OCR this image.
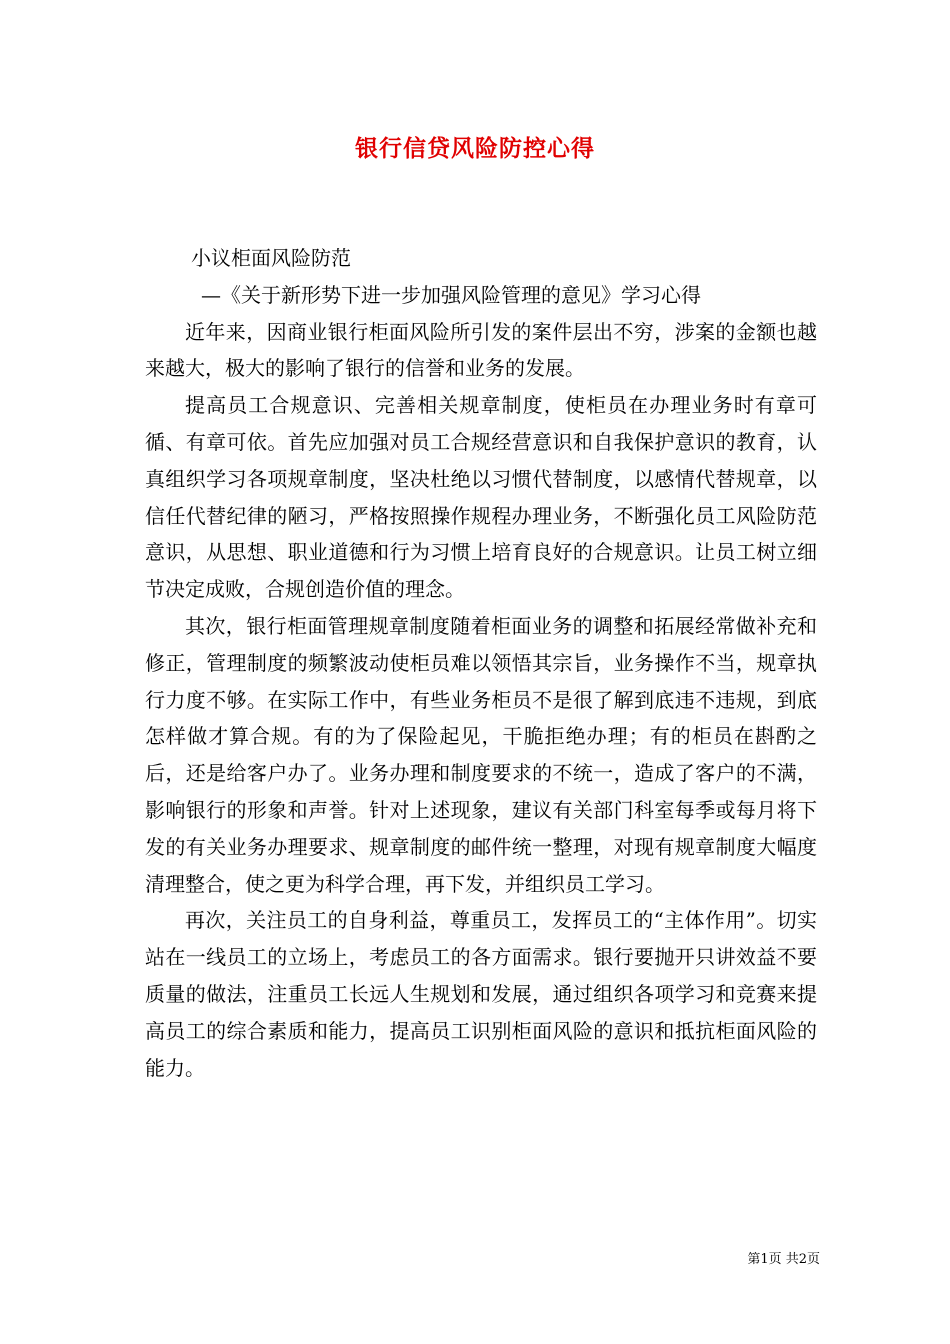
银行信贷风险防控心得

小议柜面风险防范

—《关于新形势下进一步加强风险管理的意见》学习心得

近年来，因商业银行柜面风险所引发的案件层出不穷，涉案的金额也越来越大，极大的影响了银行的信誉和业务的发展。

提高员工合规意识、完善相关规章制度，使柜员在办理业务时有章可循、有章可依。首先应加强对员工合规经营意识和自我保护意识的教育，认真组织学习各项规章制度，坚决杜绝以习惯代替制度，以感情代替规章，以信任代替纪律的陋习，严格按照操作规程办理业务，不断强化员工风险防范意识，从思想、职业道德和行为习惯上培育良好的合规意识。让员工树立细节决定成败，合规创造价值的理念。

其次，银行柜面管理规章制度随着柜面业务的调整和拓展经常做补充和修正，管理制度的频繁波动使柜员难以领悟其宗旨，业务操作不当，规章执行力度不够。在实际工作中，有些业务柜员不是很了解到底违不违规，到底怎样做才算合规。有的为了保险起见，干脆拒绝办理；有的柜员在斟酌之后，还是给客户办了。业务办理和制度要求的不统一，造成了客户的不满，影响银行的形象和声誉。针对上述现象，建议有关部门科室每季或每月将下发的有关业务办理要求、规章制度的邮件统一整理，对现有规章制度大幅度清理整合，使之更为科学合理，再下发，并组织员工学习。

再次，关注员工的自身利益，尊重员工，发挥员工的“主体作用”。切实站在一线员工的立场上，考虑员工的各方面需求。银行要抛开只讲效益不要质量的做法，注重员工长远人生规划和发展，通过组织各项学习和竞赛来提高员工的综合素质和能力，提高员工识别柜面风险的意识和抵抗柜面风险的能力。

第1页 共2页
